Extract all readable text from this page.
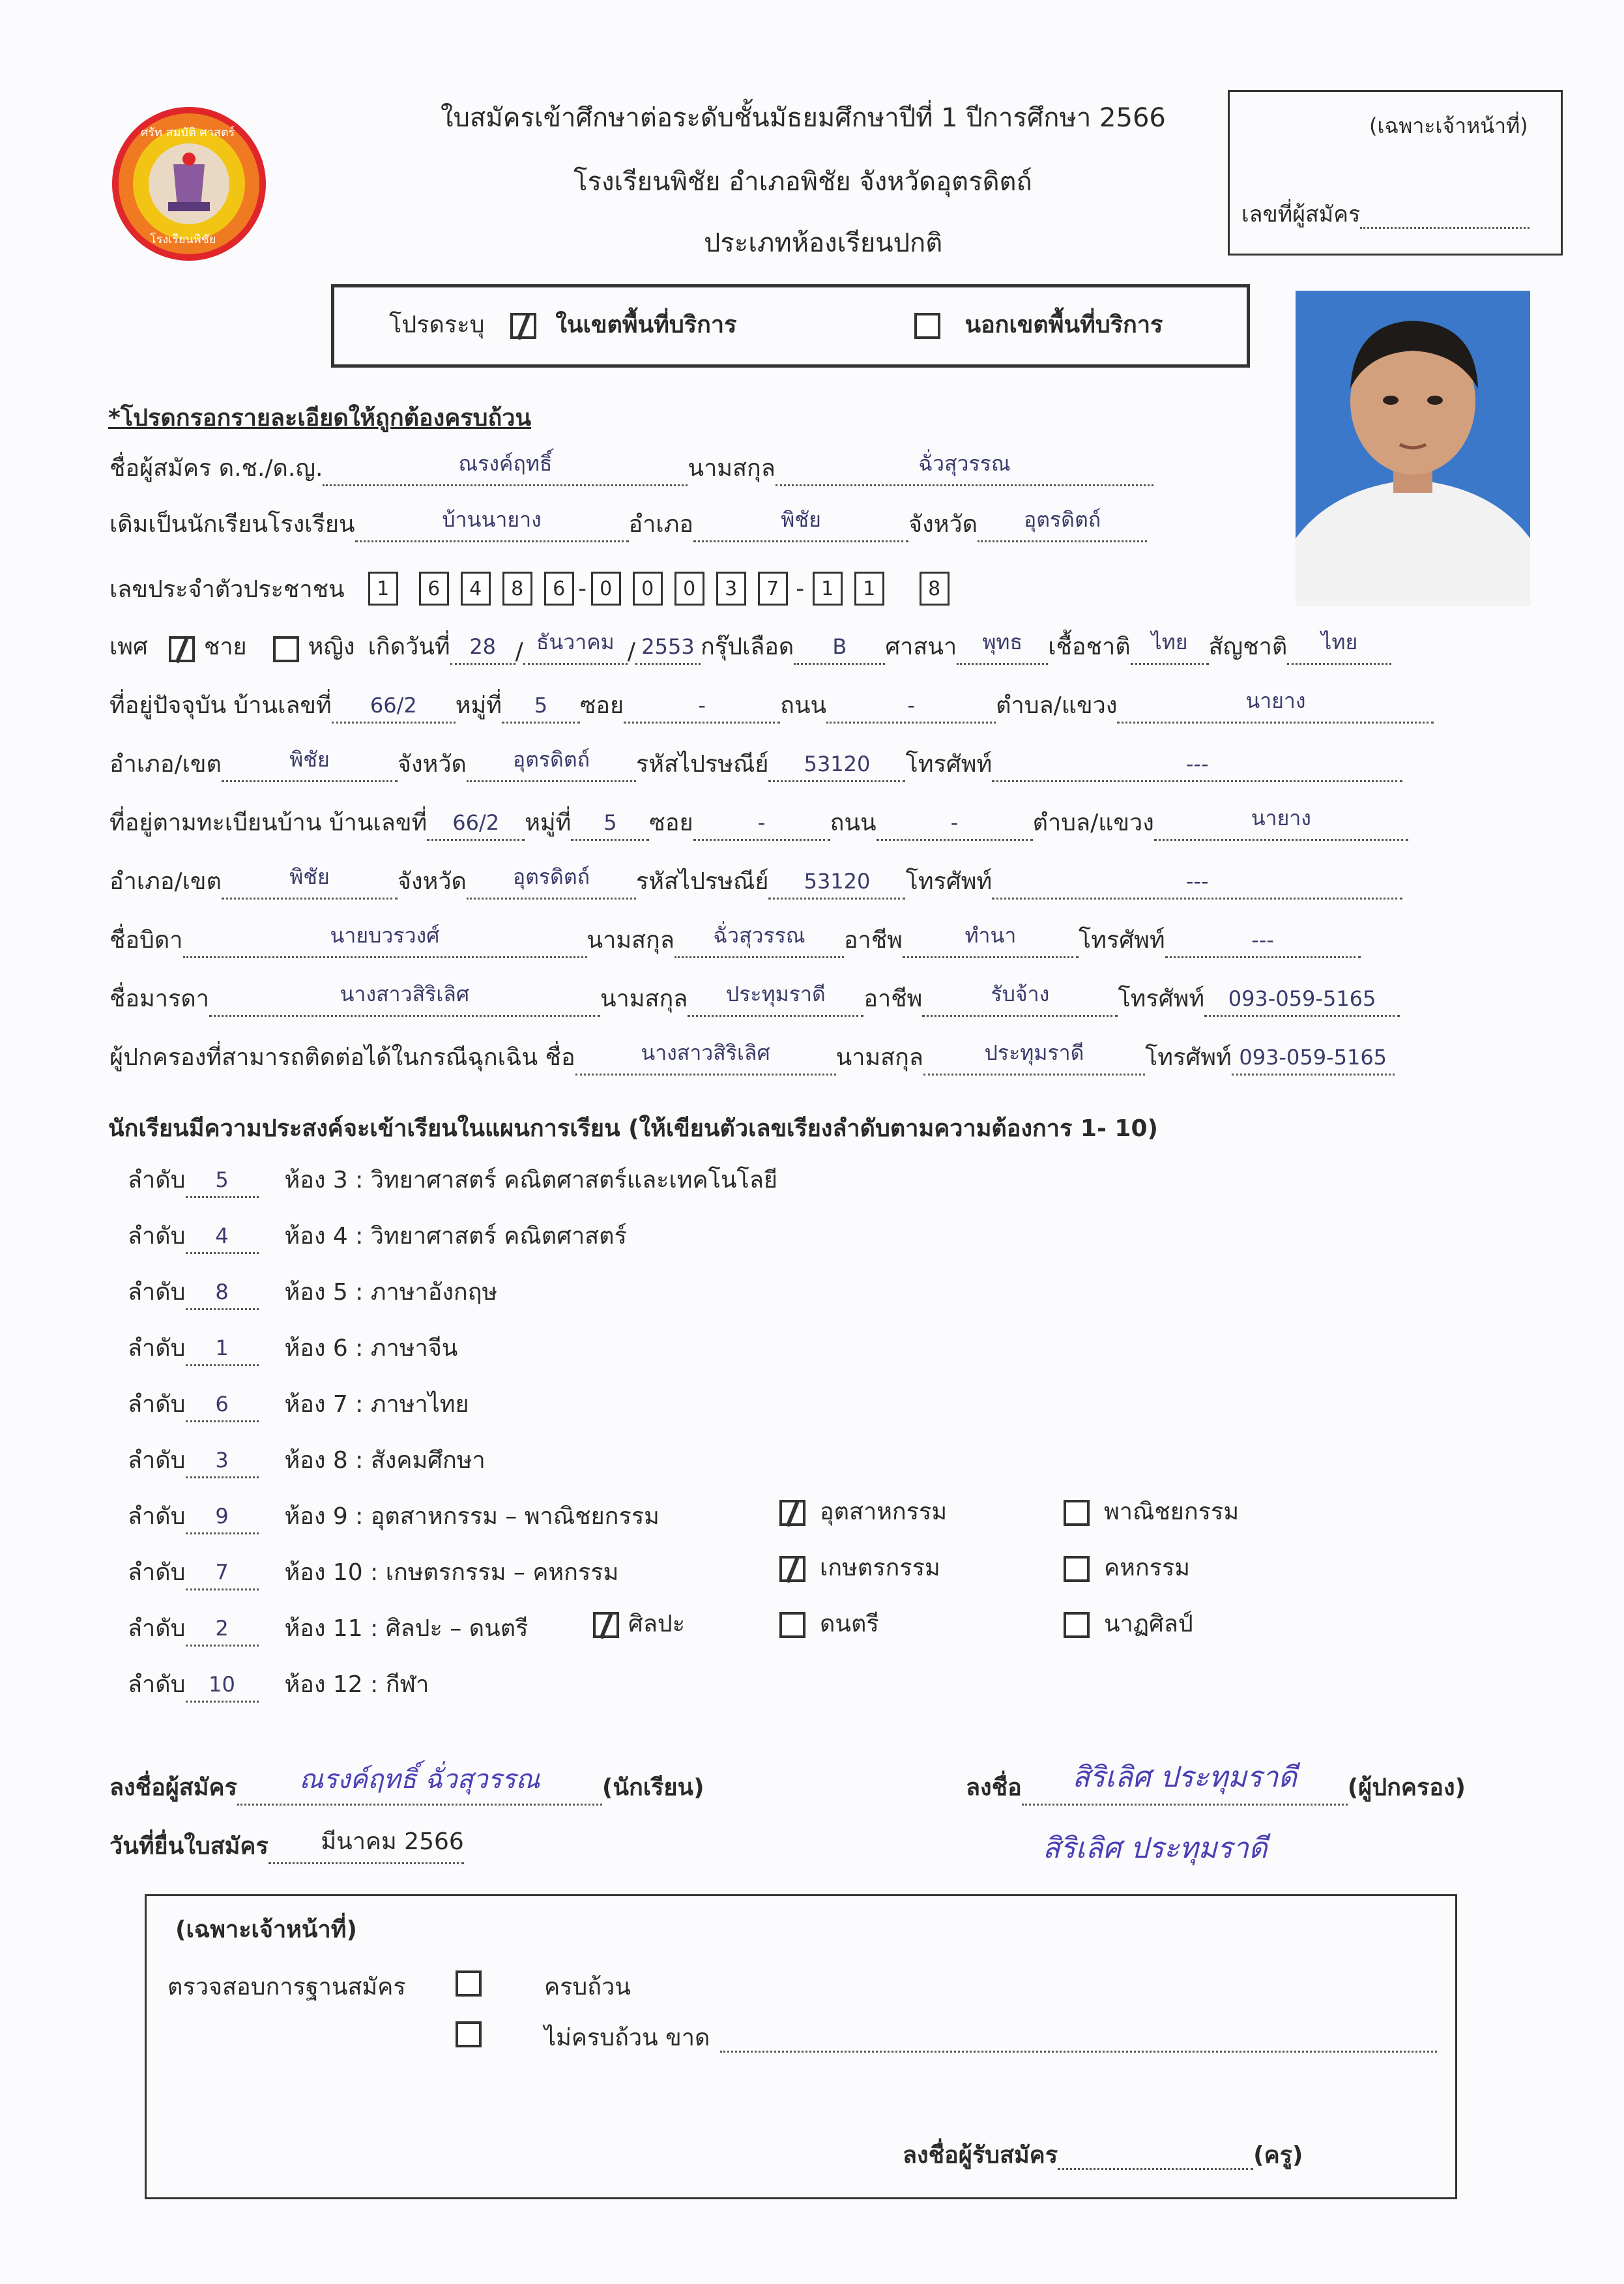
ศรัท สมบัติ ศาสตร์
โรงเรียนพิชัย
ใบสมัครเข้าศึกษาต่อระดับชั้นมัธยมศึกษาปีที่ 1 ปีการศึกษา 2566
โรงเรียนพิชัย อำเภอพิชัย จังหวัดอุตรดิตถ์
ประเภทห้องเรียนปกติ
(เฉพาะเจ้าหน้าที่)
เลขที่ผู้สมัคร
โปรดระบุ	ในเขตพื้นที่บริการ	นอกเขตพื้นที่บริการ
*โปรดกรอกรายละเอียดให้ถูกต้องครบถ้วน
ชื่อผู้สมัคร ด.ช./ด.ญ.	ณรงค์ฤทธิ์	นามสกุล	ฉั่วสุวรรณ
เดิมเป็นนักเรียนโรงเรียน	บ้านนายาง	อำเภอ	พิชัย	จังหวัด อุตรดิตถ์
เลขประจำตัวประชาชน	1	6	4	8	6 - 0	0	0	3	7 - 1	1	8
เพศ ชาย	หญิง เกิดวันที่ 28 / ธันวาคม / 2553 กรุ๊ปเลือด B ศาสนา พุทธ เชื้อชาติ ไทย สัญชาติ ไทย
ที่อยู่ปัจจุบัน บ้านเลขที่ 66/2 หมู่ที่ 5 ซอย	-	ถนน	-	ตำบล/แขวง	นายาง
อำเภอ/เขต	พิชัย	จังหวัด อุตรดิตถ์ รหัสไปรษณีย์ 53120 โทรศัพท์	---
ที่อยู่ตามทะเบียนบ้าน บ้านเลขที่ 66/2 หมู่ที่ 5 ซอย	-	ถนน	-	ตำบล/แขวง	นายาง
อำเภอ/เขต	พิชัย	จังหวัด อุตรดิตถ์ รหัสไปรษณีย์ 53120 โทรศัพท์	---
ชื่อบิดา	นายบวรวงศ์	นามสกุล ฉั่วสุวรรณ อาชีพ	ทำนา	โทรศัพท์	---
ชื่อมารดา	นางสาวสิริเลิศ	นามสกุล ประทุมราดี อาชีพ	รับจ้าง	โทรศัพท์ 093-059-5165
ผู้ปกครองที่สามารถติดต่อได้ในกรณีฉุกเฉิน ชื่อ	นางสาวสิริเลิศ	นามสกุล	ประทุมราดี	โทรศัพท์ 093-059-5165
นักเรียนมีความประสงค์จะเข้าเรียนในแผนการเรียน (ให้เขียนตัวเลขเรียงลำดับตามความต้องการ 1- 10)
ลำดับ 5 ห้อง 3 : วิทยาศาสตร์ คณิตศาสตร์และเทคโนโลยี
ลำดับ 4 ห้อง 4 : วิทยาศาสตร์ คณิตศาสตร์
ลำดับ 8 ห้อง 5 : ภาษาอังกฤษ
ลำดับ 1 ห้อง 6 : ภาษาจีน
ลำดับ 6 ห้อง 7 : ภาษาไทย
ลำดับ 3 ห้อง 8 : สังคมศึกษา
ลำดับ 9 ห้อง 9 : อุตสาหกรรม – พาณิชยกรรม
ลำดับ 7 ห้อง 10 : เกษตรกรรม – คหกรรม
ลำดับ 2 ห้อง 11 : ศิลปะ – ดนตรี
ลำดับ 10 ห้อง 12 : กีฬา
อุตสาหกรรม	พาณิชยกรรม
เกษตรกรรม	คหกรรม
ศิลปะ	ดนตรี	นาฏศิลป์
ลงชื่อผู้สมัคร ณรงค์ฤทธิ์ ฉั่วสุวรรณ	(นักเรียน)	ลงชื่อ สิริเลิศ ประทุมราดี (ผู้ปกครอง)
สิริเลิศ ประทุมราดี
วันที่ยื่นใบสมัคร มีนาคม 2566
(เฉพาะเจ้าหน้าที่)
ตรวจสอบการฐานสมัคร	ครบถ้วน
ไม่ครบถ้วน ขาด
ลงชื่อผู้รับสมัคร	(ครู)
